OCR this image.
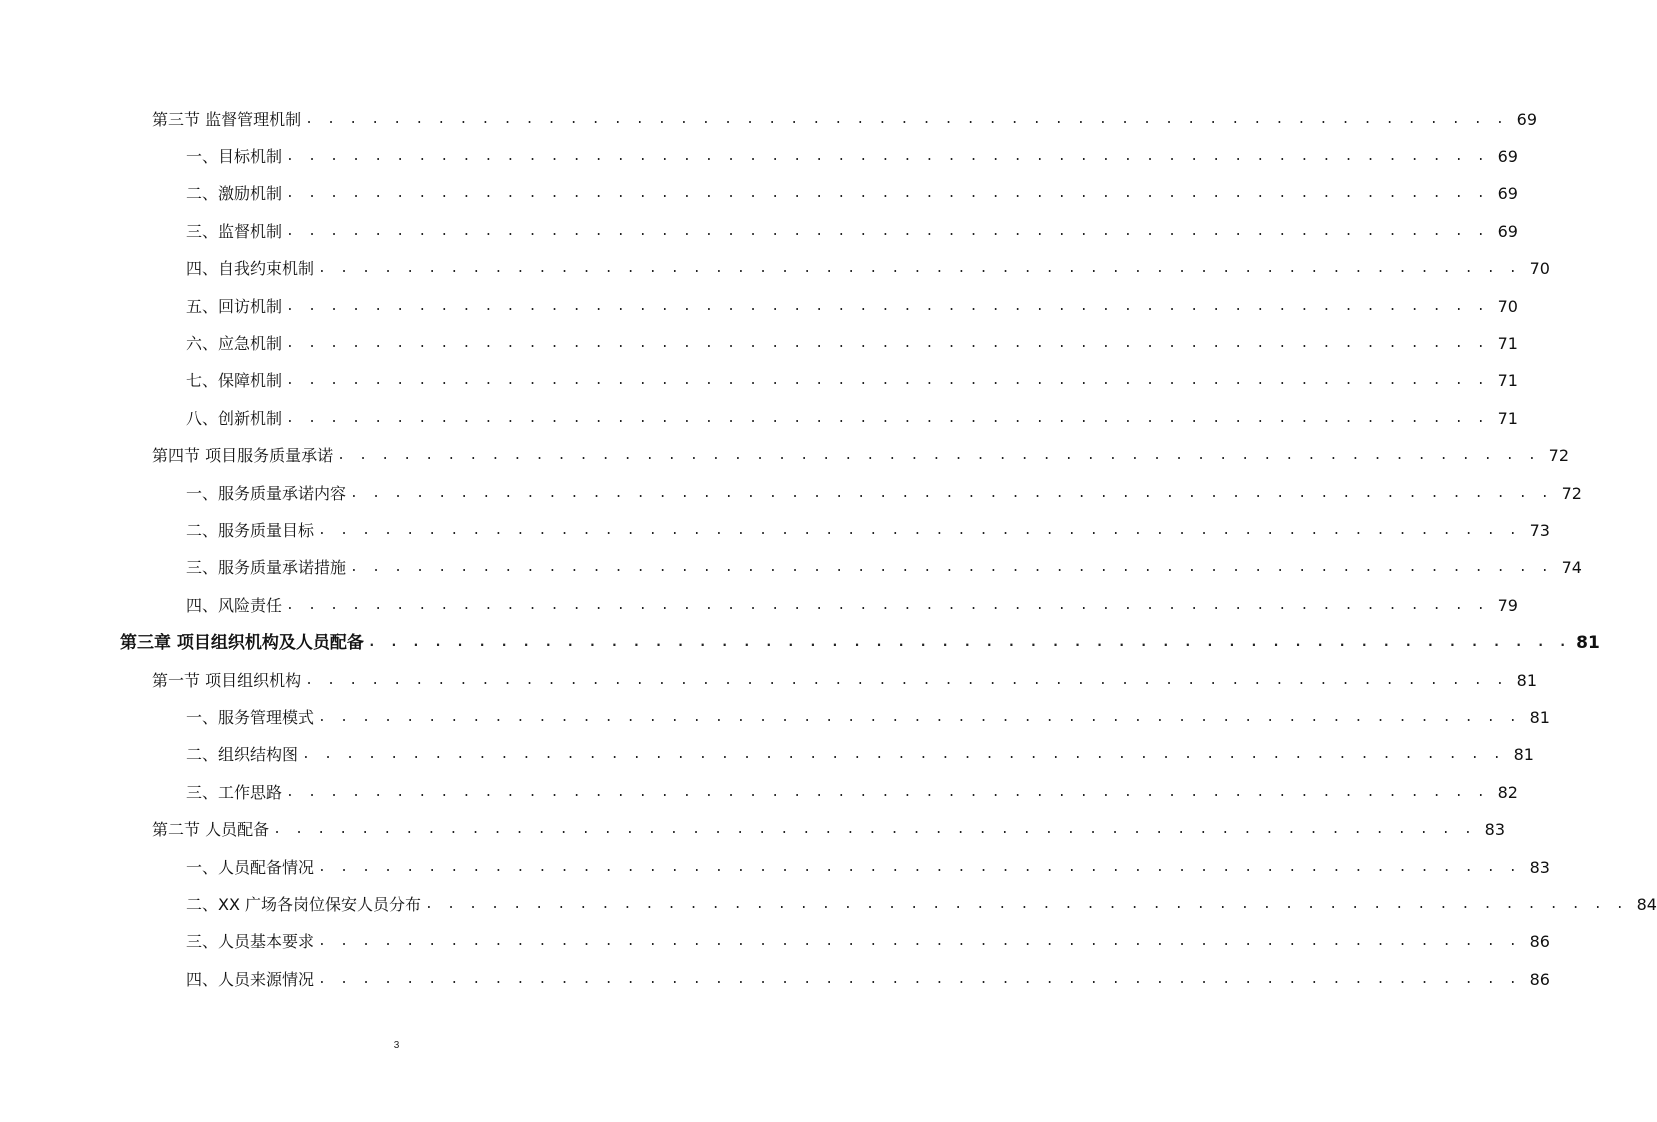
第三节 监督管理机制 . . . . . . . . . . . . . . . . . . . . . . . . . . . . . . . . . . . . . . . . . . . . . . . . . . . . . . . 69
一、目标机制 . . . . . . . . . . . . . . . . . . . . . . . . . . . . . . . . . . . . . . . . . . . . . . . . . . . . . . . 69
二、激励机制 . . . . . . . . . . . . . . . . . . . . . . . . . . . . . . . . . . . . . . . . . . . . . . . . . . . . . . . 69
三、监督机制 . . . . . . . . . . . . . . . . . . . . . . . . . . . . . . . . . . . . . . . . . . . . . . . . . . . . . . . 69
四、自我约束机制 . . . . . . . . . . . . . . . . . . . . . . . . . . . . . . . . . . . . . . . . . . . . . . . . . . . . . . . 70
五、回访机制 . . . . . . . . . . . . . . . . . . . . . . . . . . . . . . . . . . . . . . . . . . . . . . . . . . . . . . . 70
六、应急机制 . . . . . . . . . . . . . . . . . . . . . . . . . . . . . . . . . . . . . . . . . . . . . . . . . . . . . . . 71
七、保障机制 . . . . . . . . . . . . . . . . . . . . . . . . . . . . . . . . . . . . . . . . . . . . . . . . . . . . . . . 71
八、创新机制 . . . . . . . . . . . . . . . . . . . . . . . . . . . . . . . . . . . . . . . . . . . . . . . . . . . . . . . 71
第四节 项目服务质量承诺 . . . . . . . . . . . . . . . . . . . . . . . . . . . . . . . . . . . . . . . . . . . . . . . . . . . . . . . 72
一、服务质量承诺内容 . . . . . . . . . . . . . . . . . . . . . . . . . . . . . . . . . . . . . . . . . . . . . . . . . . . . . . . 72
二、服务质量目标 . . . . . . . . . . . . . . . . . . . . . . . . . . . . . . . . . . . . . . . . . . . . . . . . . . . . . . . 73
三、服务质量承诺措施 . . . . . . . . . . . . . . . . . . . . . . . . . . . . . . . . . . . . . . . . . . . . . . . . . . . . . . . 74
四、风险责任 . . . . . . . . . . . . . . . . . . . . . . . . . . . . . . . . . . . . . . . . . . . . . . . . . . . . . . . 79
第三章 项目组织机构及人员配备 . . . . . . . . . . . . . . . . . . . . . . . . . . . . . . . . . . . . . . . . . . . . . . . . . . . . . . . 81
第一节 项目组织机构 . . . . . . . . . . . . . . . . . . . . . . . . . . . . . . . . . . . . . . . . . . . . . . . . . . . . . . . 81
一、服务管理模式 . . . . . . . . . . . . . . . . . . . . . . . . . . . . . . . . . . . . . . . . . . . . . . . . . . . . . . . 81
二、组织结构图 . . . . . . . . . . . . . . . . . . . . . . . . . . . . . . . . . . . . . . . . . . . . . . . . . . . . . . . 81
三、工作思路 . . . . . . . . . . . . . . . . . . . . . . . . . . . . . . . . . . . . . . . . . . . . . . . . . . . . . . . 82
第二节 人员配备 . . . . . . . . . . . . . . . . . . . . . . . . . . . . . . . . . . . . . . . . . . . . . . . . . . . . . . . 83
一、人员配备情况 . . . . . . . . . . . . . . . . . . . . . . . . . . . . . . . . . . . . . . . . . . . . . . . . . . . . . . . 83
二、XX 广场各岗位保安人员分布 . . . . . . . . . . . . . . . . . . . . . . . . . . . . . . . . . . . . . . . . . . . . . . . . . . . . . . . 84
三、人员基本要求 . . . . . . . . . . . . . . . . . . . . . . . . . . . . . . . . . . . . . . . . . . . . . . . . . . . . . . . 86
四、人员来源情况 . . . . . . . . . . . . . . . . . . . . . . . . . . . . . . . . . . . . . . . . . . . . . . . . . . . . . . . 86
3
